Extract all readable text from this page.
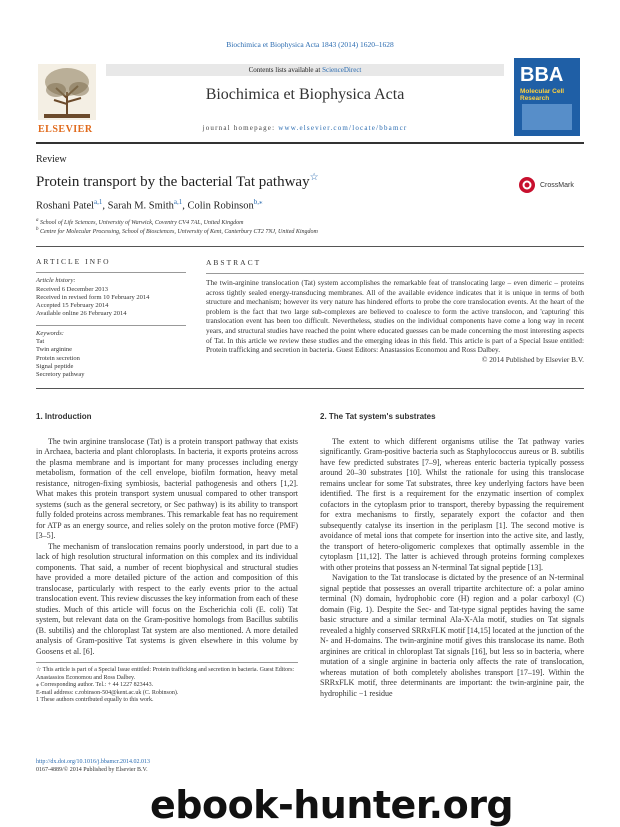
Biochimica et Biophysica Acta 1843 (2014) 1620–1628
ELSEVIER
Contents lists available at ScienceDirect
Biochimica et Biophysica Acta
journal homepage: www.elsevier.com/locate/bbamcr
BBA
Molecular Cell Research
Review
Protein transport by the bacterial Tat pathway☆
CrossMark
Roshani Patel$^{a,1}$, Sarah M. Smith$^{a,1}$, Colin Robinson$^{b,⁎}$
$^a$ School of Life Sciences, University of Warwick, Coventry CV4 7AL, United Kingdom
$^b$ Centre for Molecular Processing, School of Biosciences, University of Kent, Canterbury CT2 7NJ, United Kingdom
ARTICLE INFO
Article history:
Received 6 December 2013
Received in revised form 10 February 2014
Accepted 15 February 2014
Available online 26 February 2014
Keywords:
Tat
Twin arginine
Protein secretion
Signal peptide
Secretory pathway
ABSTRACT
The twin-arginine translocation (Tat) system accomplishes the remarkable feat of translocating large – even dimeric – proteins across tightly sealed energy-transducing membranes. All of the available evidence indicates that it is unique in terms of both structure and mechanism; however its very nature has hindered efforts to probe the core translocation events. At the heart of the problem is the fact that two large sub-complexes are believed to coalesce to form the active translocon, and 'capturing' this translocation event has been too difficult. Nevertheless, studies on the individual components have come a long way in recent years, and structural studies have reached the point where educated guesses can be made concerning the most interesting aspects of Tat. In this article we review these studies and the emerging ideas in this field. This article is part of a Special Issue entitled: Protein trafficking and secretion in bacteria. Guest Editors: Anastassios Economou and Ross Dalbey.
© 2014 Published by Elsevier B.V.
1. Introduction

The twin arginine translocase (Tat) is a protein transport pathway that exists in Archaea, bacteria and plant chloroplasts. In bacteria, it exports proteins across the plasma membrane and is important for many processes including energy metabolism, formation of the cell envelope, biofilm formation, heavy metal resistance, nitrogen-fixing symbiosis, bacterial pathogenesis and others [1,2]. What makes this protein transport system unusual compared to other transport systems (such as the general secretory, or Sec pathway) is its ability to transport fully folded proteins across membranes. This remarkable feat has no requirement for ATP as an energy source, and relies solely on the proton motive force (PMF) [3–5].

The mechanism of translocation remains poorly understood, in part due to a lack of high resolution structural information on this complex and its individual components. That said, a number of recent biophysical and structural studies have provided a more detailed picture of the action and composition of this translocase, particularly with respect to the early events prior to the actual translocation event. This review discusses the key information from each of these studies. Much of this article will focus on the Escherichia coli (E. coli) Tat system, but relevant data on the Gram-positive homologs from Bacillus subtilis (B. subtilis) and the chloroplast Tat system are also mentioned. A more detailed analysis of Gram-positive Tat systems is given elsewhere in this volume by Goosens et al. [6].

2. The Tat system's substrates

The extent to which different organisms utilise the Tat pathway varies significantly. Gram-positive bacteria such as Staphylococcus aureus or B. subtilis have few predicted substrates [7–9], whereas enteric bacteria typically possess around 20–30 substrates [10]. Whilst the rationale for using this translocase remains unclear for some Tat substrates, three key underlying factors have been identified. The first is a requirement for the enzymatic insertion of complex cofactors in the cytoplasm prior to transport, thereby bypassing the requirement for extra mechanisms to firstly, separately export the cofactor and then subsequently catalyse its insertion in the periplasm [1]. The second motive is avoidance of metal ions that compete for insertion into the active site, and lastly, the transport of hetero-oligomeric complexes that optimally assemble in the cytoplasm [11,12]. The latter is achieved through proteins forming complexes with other proteins that possess an N-terminal Tat signal peptide [13].

Navigation to the Tat translocase is dictated by the presence of an N-terminal signal peptide that possesses an overall tripartite architecture of: a polar amino terminal (N) domain, hydrophobic core (H) region and a polar carboxyl (C) domain (Fig. 1). Despite the Sec- and Tat-type signal peptides having the same basic structure and a similar terminal Ala-X-Ala motif, studies on Tat signals revealed a highly conserved SRRxFLK motif [14,15] located at the junction of the N- and H-domains. The twin-arginine motif gives this translocase its name. Both arginines are critical in chloroplast Tat signals [16], but less so in bacteria, where mutation of a single arginine in bacteria only affects the rate of translocation, whereas mutation of both completely abolishes transport [17–19]. Within the SRRxFLK motif, three determinants are important: the twin-arginine pair, the hydrophilic −1 residue

☆ This article is part of a Special Issue entitled: Protein trafficking and secretion in bacteria. Guest Editors: Anastassios Economou and Ross Dalbey.
⁎ Corresponding author. Tel.: + 44 1227 823443.
E-mail address: c.robinson-504@kent.ac.uk (C. Robinson).
1 These authors contributed equally to this work.
http://dx.doi.org/10.1016/j.bbamcr.2014.02.013
0167-4889/© 2014 Published by Elsevier B.V.
ebook-hunter.org
